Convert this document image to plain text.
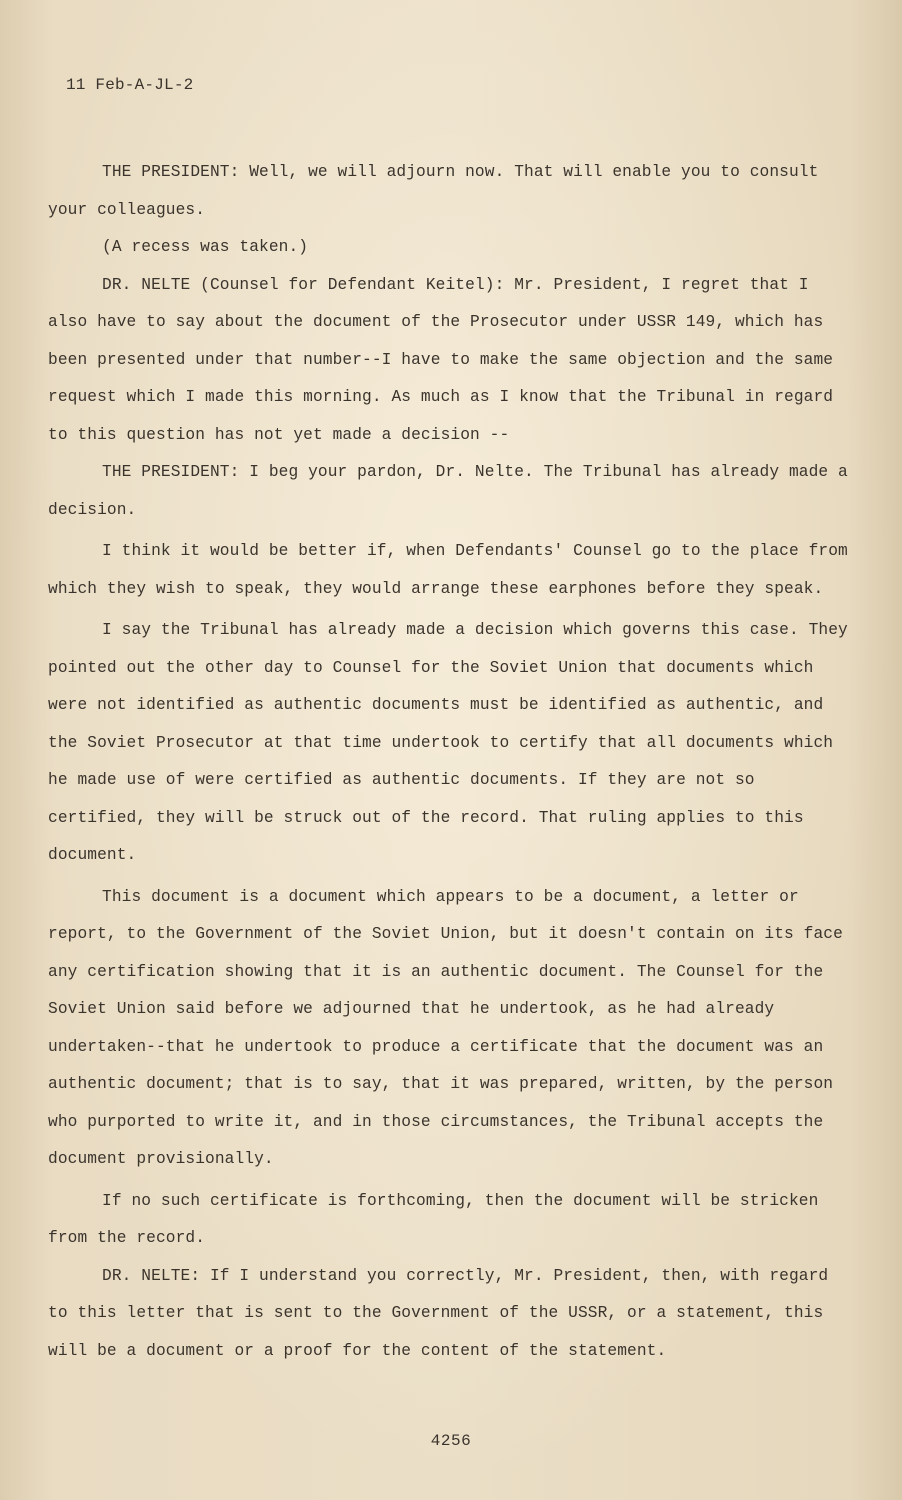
11 Feb-A-JL-2

THE PRESIDENT: Well, we will adjourn now. That will enable you to consult your colleagues.

(A recess was taken.)

DR. NELTE (Counsel for Defendant Keitel): Mr. President, I regret that I also have to say about the document of the Prosecutor under USSR 149, which has been presented under that number--I have to make the same objection and the same request which I made this morning. As much as I know that the Tribunal in regard to this question has not yet made a decision --

THE PRESIDENT: I beg your pardon, Dr. Nelte. The Tribunal has already made a decision.

I think it would be better if, when Defendants' Counsel go to the place from which they wish to speak, they would arrange these earphones before they speak.

I say the Tribunal has already made a decision which governs this case. They pointed out the other day to Counsel for the Soviet Union that documents which were not identified as authentic documents must be identified as authentic, and the Soviet Prosecutor at that time undertook to certify that all documents which he made use of were certified as authentic documents. If they are not so certified, they will be struck out of the record. That ruling applies to this document.

This document is a document which appears to be a document, a letter or report, to the Government of the Soviet Union, but it doesn't contain on its face any certification showing that it is an authentic document. The Counsel for the Soviet Union said before we adjourned that he undertook, as he had already undertaken--that he undertook to produce a certificate that the document was an authentic document; that is to say, that it was prepared, written, by the person who purported to write it, and in those circumstances, the Tribunal accepts the document provisionally.

If no such certificate is forthcoming, then the document will be stricken from the record.

DR. NELTE: If I understand you correctly, Mr. President, then, with regard to this letter that is sent to the Government of the USSR, or a statement, this will be a document or a proof for the content of the statement.

4256
